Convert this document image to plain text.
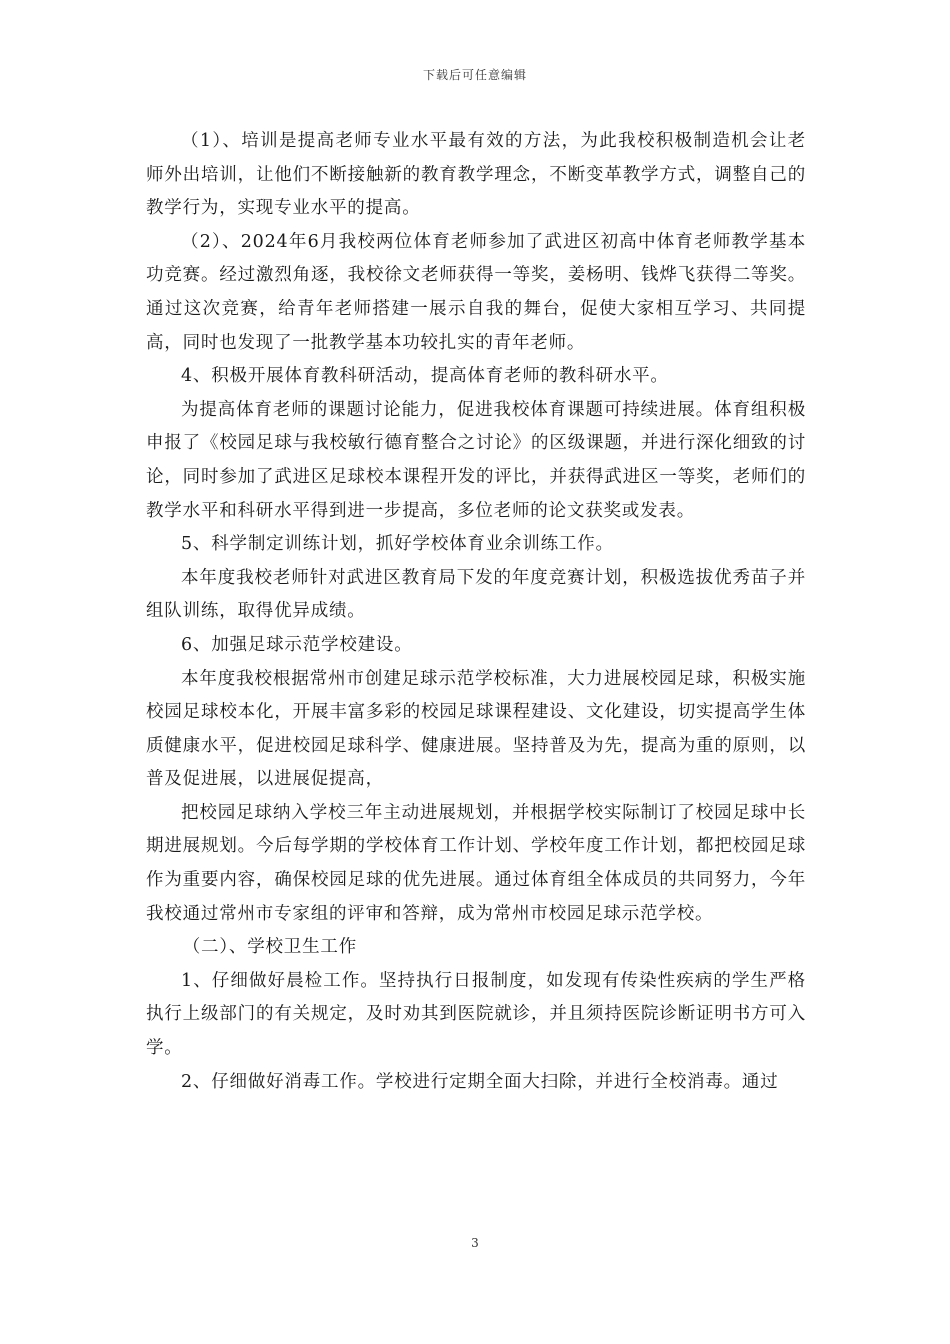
下载后可任意编辑

（1）、培训是提高老师专业水平最有效的方法，为此我校积极制造机会让老师外出培训，让他们不断接触新的教育教学理念，不断变革教学方式，调整自己的教学行为，实现专业水平的提高。

（2）、2024年6月我校两位体育老师参加了武进区初高中体育老师教学基本功竞赛。经过激烈角逐，我校徐文老师获得一等奖，姜杨明、钱烨飞获得二等奖。通过这次竞赛，给青年老师搭建一展示自我的舞台，促使大家相互学习、共同提高，同时也发现了一批教学基本功较扎实的青年老师。

4、积极开展体育教科研活动，提高体育老师的教科研水平。

为提高体育老师的课题讨论能力，促进我校体育课题可持续进展。体育组积极申报了《校园足球与我校敏行德育整合之讨论》的区级课题，并进行深化细致的讨论，同时参加了武进区足球校本课程开发的评比，并获得武进区一等奖，老师们的教学水平和科研水平得到进一步提高，多位老师的论文获奖或发表。

5、科学制定训练计划，抓好学校体育业余训练工作。

本年度我校老师针对武进区教育局下发的年度竞赛计划，积极选拔优秀苗子并组队训练，取得优异成绩。

6、加强足球示范学校建设。

本年度我校根据常州市创建足球示范学校标准，大力进展校园足球，积极实施校园足球校本化，开展丰富多彩的校园足球课程建设、文化建设，切实提高学生体质健康水平，促进校园足球科学、健康进展。坚持普及为先，提高为重的原则，以普及促进展，以进展促提高，

把校园足球纳入学校三年主动进展规划，并根据学校实际制订了校园足球中长期进展规划。今后每学期的学校体育工作计划、学校年度工作计划，都把校园足球作为重要内容，确保校园足球的优先进展。通过体育组全体成员的共同努力，今年我校通过常州市专家组的评审和答辩，成为常州市校园足球示范学校。

（二）、学校卫生工作

1、仔细做好晨检工作。坚持执行日报制度，如发现有传染性疾病的学生严格执行上级部门的有关规定，及时劝其到医院就诊，并且须持医院诊断证明书方可入学。

2、仔细做好消毒工作。学校进行定期全面大扫除，并进行全校消毒。通过

3
